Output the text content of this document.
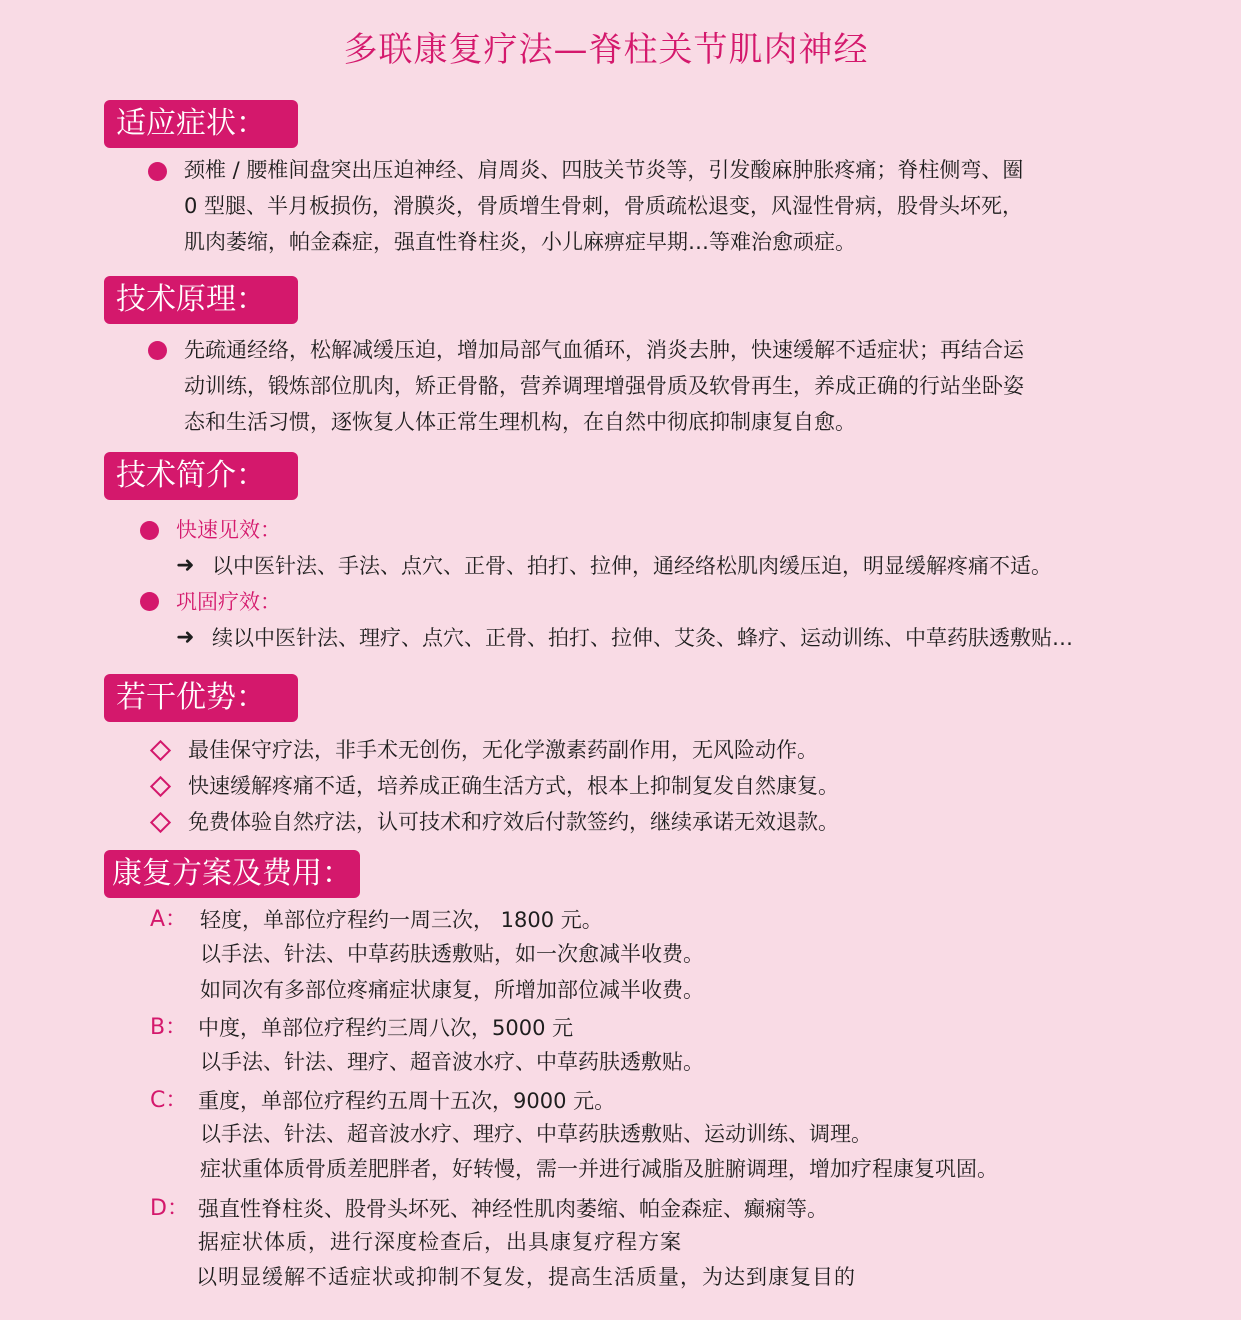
多联康复疗法—脊柱关节肌肉神经
适应症状：
颈椎 / 腰椎间盘突出压迫神经、肩周炎、四肢关节炎等，引发酸麻肿胀疼痛；脊柱侧弯、圈
0 型腿、半月板损伤，滑膜炎，骨质增生骨刺，骨质疏松退变，风湿性骨病，股骨头坏死，
肌肉萎缩，帕金森症，强直性脊柱炎，小儿麻痹症早期…等难治愈顽症。
技术原理：
先疏通经络，松解减缓压迫，增加局部气血循环，消炎去肿，快速缓解不适症状；再结合运
动训练，锻炼部位肌肉，矫正骨骼，营养调理增强骨质及软骨再生，养成正确的行站坐卧姿
态和生活习惯，逐恢复人体正常生理机构，在自然中彻底抑制康复自愈。
技术简介：
快速见效：
➜ 以中医针法、手法、点穴、正骨、拍打、拉伸，通经络松肌肉缓压迫，明显缓解疼痛不适。
巩固疗效：
➜ 续以中医针法、理疗、点穴、正骨、拍打、拉伸、艾灸、蜂疗、运动训练、中草药肤透敷贴…
若干优势：
最佳保守疗法，非手术无创伤，无化学激素药副作用，无风险动作。
快速缓解疼痛不适，培养成正确生活方式，根本上抑制复发自然康复。
免费体验自然疗法，认可技术和疗效后付款签约，继续承诺无效退款。
康复方案及费用：
A： 轻度，单部位疗程约一周三次， 1800 元。
以手法、针法、中草药肤透敷贴，如一次愈减半收费。
如同次有多部位疼痛症状康复，所增加部位减半收费。
B： 中度，单部位疗程约三周八次，5000 元
以手法、针法、理疗、超音波水疗、中草药肤透敷贴。
C： 重度，单部位疗程约五周十五次，9000 元。
以手法、针法、超音波水疗、理疗、中草药肤透敷贴、运动训练、调理。
症状重体质骨质差肥胖者，好转慢，需一并进行减脂及脏腑调理，增加疗程康复巩固。
D： 强直性脊柱炎、股骨头坏死、神经性肌肉萎缩、帕金森症、癫痫等。
据症状体质，进行深度检查后，出具康复疗程方案
以明显缓解不适症状或抑制不复发，提高生活质量，为达到康复目的
